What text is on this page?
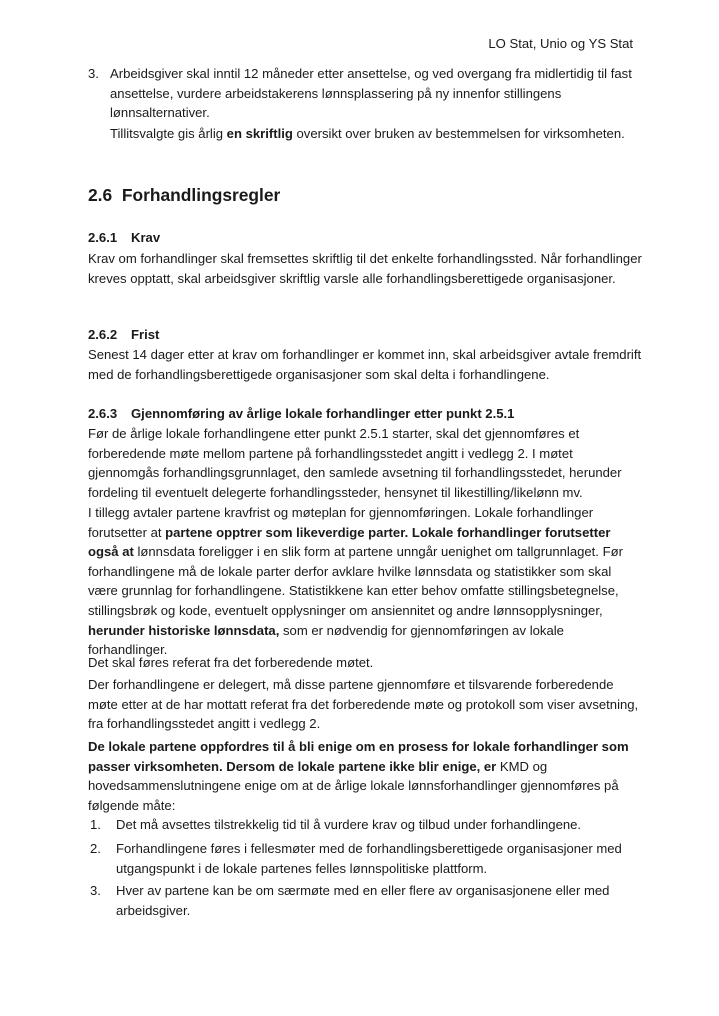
LO Stat, Unio og YS Stat
3. Arbeidsgiver skal inntil 12 måneder etter ansettelse, og ved overgang fra midlertidig til fast ansettelse, vurdere arbeidstakerens lønnsplassering på ny innenfor stillingens lønnsalternativer.

Tillitsvalgte gis årlig en skriftlig oversikt over bruken av bestemmelsen for virksomheten.

2.6 Forhandlingsregler
2.6.1 Krav

Krav om forhandlinger skal fremsettes skriftlig til det enkelte forhandlingssted. Når forhandlinger kreves opptatt, skal arbeidsgiver skriftlig varsle alle forhandlingsberettigede organisasjoner.

2.6.2 Frist

Senest 14 dager etter at krav om forhandlinger er kommet inn, skal arbeidsgiver avtale fremdrift med de forhandlingsberettigede organisasjoner som skal delta i forhandlingene.

2.6.3 Gjennomføring av årlige lokale forhandlinger etter punkt 2.5.1

Før de årlige lokale forhandlingene etter punkt 2.5.1 starter, skal det gjennomføres et forberedende møte mellom partene på forhandlingsstedet angitt i vedlegg 2. I møtet gjennomgås forhandlingsgrunnlaget, den samlede avsetning til forhandlingsstedet, herunder fordeling til eventuelt delegerte forhandlingssteder, hensynet til likestilling/likelønn mv.

I tillegg avtaler partene kravfrist og møteplan for gjennomføringen. Lokale forhandlinger forutsetter at partene opptrer som likeverdige parter. Lokale forhandlinger forutsetter også at lønnsdata foreligger i en slik form at partene unngår uenighet om tallgrunnlaget. Før forhandlingene må de lokale parter derfor avklare hvilke lønnsdata og statistikker som skal være grunnlag for forhandlingene. Statistikkene kan etter behov omfatte stillingsbetegnelse, stillingsbrøk og kode, eventuelt opplysninger om ansiennitet og andre lønnsopplysninger, herunder historiske lønnsdata, som er nødvendig for gjennomføringen av lokale forhandlinger.

Det skal føres referat fra det forberedende møtet.

Der forhandlingene er delegert, må disse partene gjennomføre et tilsvarende forberedende møte etter at de har mottatt referat fra det forberedende møte og protokoll som viser avsetning, fra forhandlingsstedet angitt i vedlegg 2.

De lokale partene oppfordres til å bli enige om en prosess for lokale forhandlinger som passer virksomheten. Dersom de lokale partene ikke blir enige, er KMD og hovedsammenslutningene enige om at de årlige lokale lønnsforhandlinger gjennomføres på følgende måte:

1.	Det må avsettes tilstrekkelig tid til å vurdere krav og tilbud under forhandlingene.

2.	Forhandlingene føres i fellesmøter med de forhandlingsberettigede organisasjoner med utgangspunkt i de lokale partenes felles lønnspolitiske plattform.

3.	Hver av partene kan be om særmøte med en eller flere av organisasjonene eller med arbeidsgiver.
